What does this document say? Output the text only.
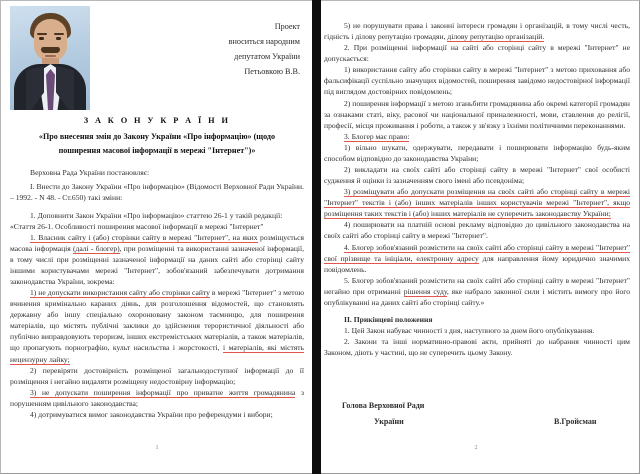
Проект
вноситься народним
депутатом України
Петьовкою В.В.
З А К О Н У К Р А Ї Н И
«Про внесення змін до Закону України «Про інформацію» (щодо
поширення масової інформації в мережі "Інтернет")»

Верховна Рада України постановляє:

I. Внести до Закону України «Про інформацію» (Відомості Верховної Ради України. – 1992. - N 48. - Ст.650) такі зміни:

1. Доповнити Закон України «Про інформацію» статтею 26-1 у такій редакції:

«Стаття 26-1. Особливості поширення масової інформації в мережі "Інтернет"

1. Власник сайту і (або) сторінки сайту в мережі "Інтернет", на яких розміщується масова інформація (далі - блогер), при розміщенні та використанні зазначеної інформації, в тому числі при розміщенні зазначеної інформації на даних сайті або сторінці сайту іншими користувачами мережі "Інтернет", зобов'язаний забезпечувати дотримання законодавства України, зокрема:

1) не допускати використання сайту або сторінки сайту в мережі "Інтернет" з метою вчинення кримінально караних діянь, для розголошення відомостей, що становлять державну або іншу спеціально охоронювану законом таємницю, для поширення матеріалів, що містять публічні заклики до здійснення терористичної діяльності або публічно виправдовують тероризм, інших екстремістських матеріалів, а також матеріалів, що пропагують порнографію, культ насильства і жорстокості, і матеріалів, які містять нецензурну лайку;

2) перевіряти достовірність розміщеної загальнодоступної інформації до її розміщення і негайно видаляти розміщену недостовірну інформацію;

3) не допускати поширення інформації про приватне життя громадянина з порушенням цивільного законодавства;

4) дотримуватися вимог законодавства України про референдуми і вибори;

1

5) не порушувати права і законні інтереси громадян і організацій, в тому числі честь, гідність і ділову репутацію громадян, ділову репутацію організацій.

2. При розміщенні інформації на сайті або сторінці сайту в мережі "Інтернет" не допускається:

1) використання сайту або сторінки сайту в мережі "Інтернет" з метою приховання або фальсифікації суспільно значущих відомостей, поширення завідомо недостовірної інформації під виглядом достовірних повідомлень;

2) поширення інформації з метою зганьбити громадянина або окремі категорії громадян за ознаками статі, віку, расової чи національної приналежності, мови, ставлення до релігії, професії, місця проживання і роботи, а також у зв'язку з їхніми політичними переконаннями.

3. Блогер має право:

1) вільно шукати, одержувати, передавати і поширювати інформацію будь-яким способом відповідно до законодавства України;

2) викладати на своїх сайті або сторінці сайту в мережі "Інтернет" свої особисті судження й оцінки із зазначенням свого імені або псевдоніма;

3) розміщувати або допускати розміщення на своїх сайті або сторінці сайту в мережі "Інтернет" текстів і (або) інших матеріалів інших користувачів мережі "Інтернет", якщо розміщення таких текстів і (або) інших матеріалів не суперечить законодавству України;

4) поширювати на платній основі рекламу відповідно до цивільного законодавства на своїх сайті або сторінці сайту в мережі "Інтернет".

4. Блогер зобов'язаний розмістити на своїх сайті або сторінці сайту в мережі "Інтернет" свої прізвище та ініціали, електронну адресу для направлення йому юридично значимих повідомлень.

5. Блогер зобов'язаний розмістити на своїх сайті або сторінці сайту в мережі "Інтернет" негайно при отриманні рішення суду, яке набрало законної сили і містить вимогу про його опублікуванні на даних сайті або сторінці сайту.»

II. Прикінцеві положення

1. Цей Закон набуває чинності з дня, наступного за днем його опублікування.

2. Закони та інші нормативно-правові акти, прийняті до набрання чинності цим Законом, діють у частині, що не суперечить цьому Закону.

Голова Верховної Ради
України	В.Гройсман
2
